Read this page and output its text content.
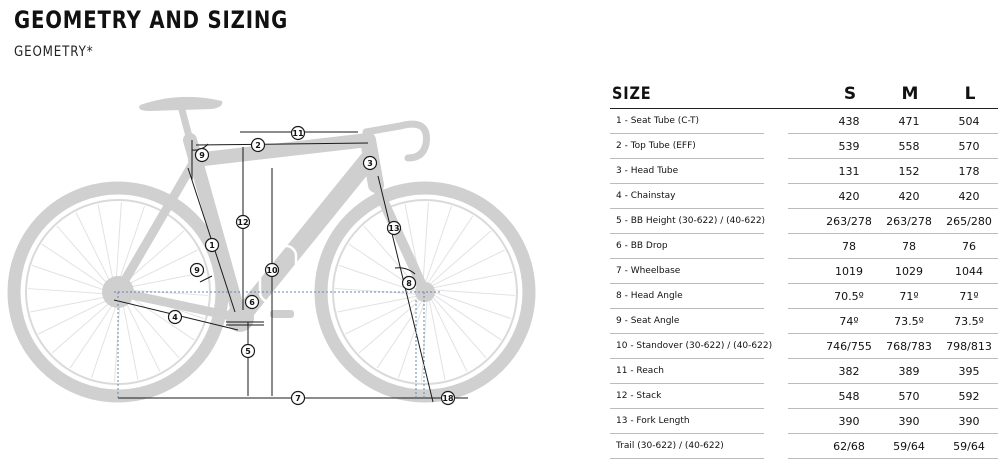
GEOMETRY AND SIZING
GEOMETRY*
1
2
3
4
5
6
7
8
9
9	10
11
12
13
18
SIZE	S	M	L
1 - Seat Tube (C-T)	438	471	504
2 - Top Tube (EFF)	539	558	570
3 - Head Tube	131	152	178
4 - Chainstay	420	420	420
5 - BB Height (30-622) / (40-622)	263/278	263/278	265/280
6 - BB Drop	78	78	76
7 - Wheelbase	1019	1029	1044
8 - Head Angle	70.5º	71º	71º
9 - Seat Angle	74º	73.5º	73.5º
10 - Standover (30-622) / (40-622)	746/755	768/783	798/813
11 - Reach	382	389	395
12 - Stack	548	570	592
13 - Fork Length	390	390	390
Trail (30-622) / (40-622)	62/68	59/64	59/64
